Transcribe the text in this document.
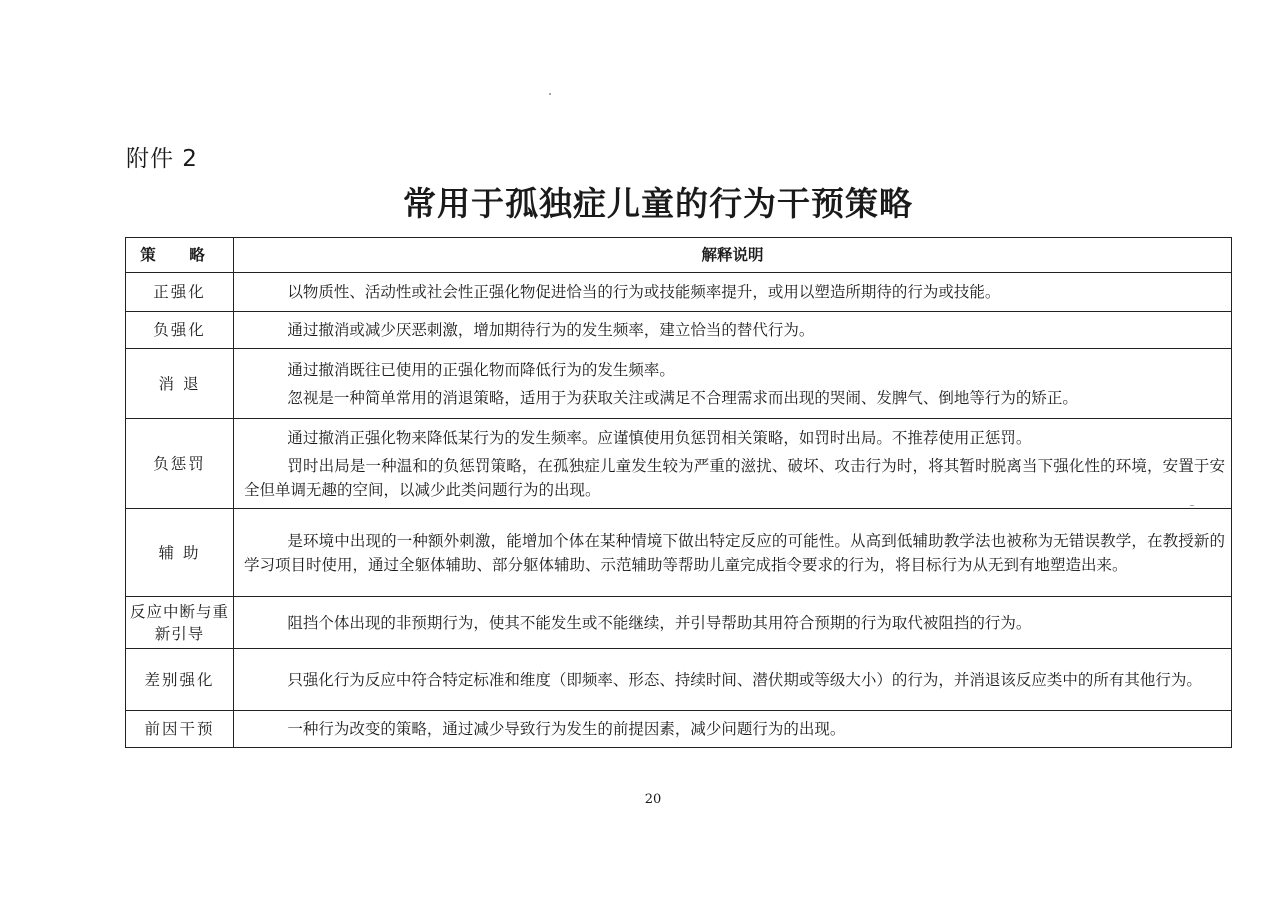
附件 2
常用于孤独症儿童的行为干预策略
策 略	解释说明
正强化	以物质性、活动性或社会性正强化物促进恰当的行为或技能频率提升，或用以塑造所期待的行为或技能。

负强化	通过撤消或减少厌恶刺激，增加期待行为的发生频率，建立恰当的替代行为。

消 退	通过撤消既往已使用的正强化物而降低行为的发生频率。

忽视是一种简单常用的消退策略，适用于为获取关注或满足不合理需求而出现的哭闹、发脾气、倒地等行为的矫正。

负惩罚	通过撤消正强化物来降低某行为的发生频率。应谨慎使用负惩罚相关策略，如罚时出局。不推荐使用正惩罚。

罚时出局是一种温和的负惩罚策略，在孤独症儿童发生较为严重的滋扰、破坏、攻击行为时，将其暂时脱离当下强化性的环境，安置于安全但单调无趣的空间，以减少此类问题行为的出现。

辅 助	是环境中出现的一种额外刺激，能增加个体在某种情境下做出特定反应的可能性。从高到低辅助教学法也被称为无错误教学，在教授新的学习项目时使用，通过全躯体辅助、部分躯体辅助、示范辅助等帮助儿童完成指令要求的行为，将目标行为从无到有地塑造出来。

反应中断与重新引导	阻挡个体出现的非预期行为，使其不能发生或不能继续，并引导帮助其用符合预期的行为取代被阻挡的行为。

差别强化	只强化行为反应中符合特定标准和维度（即频率、形态、持续时间、潜伏期或等级大小）的行为，并消退该反应类中的所有其他行为。

前因干预	一种行为改变的策略，通过减少导致行为发生的前提因素，减少问题行为的出现。

20
